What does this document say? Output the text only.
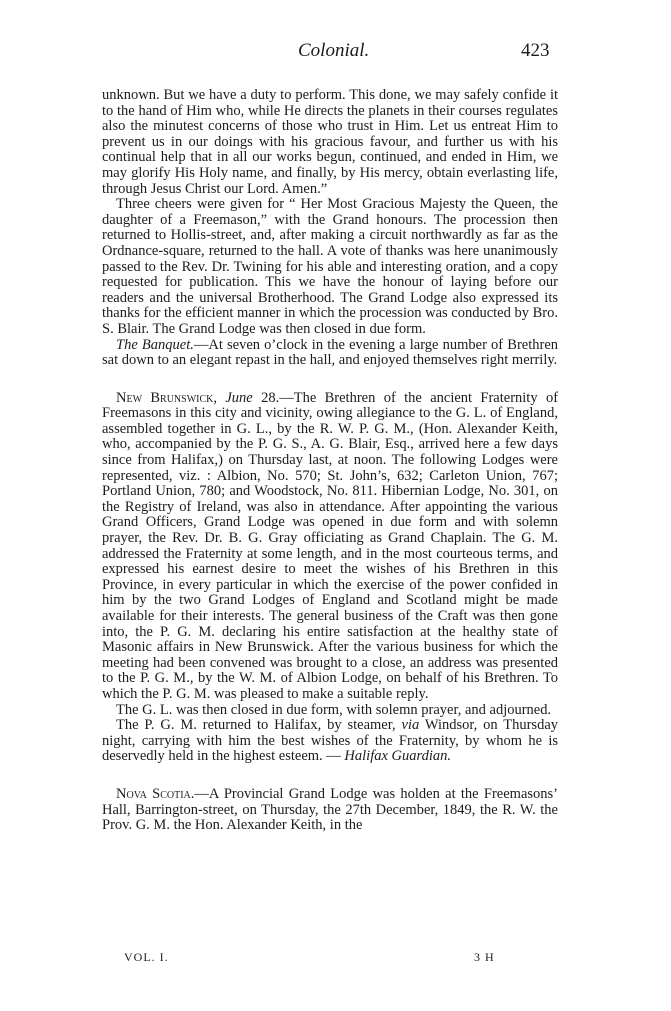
Colonial.	423

unknown. But we have a duty to perform. This done, we may safely confide it to the hand of Him who, while He directs the planets in their courses regulates also the minutest concerns of those who trust in Him. Let us entreat Him to prevent us in our doings with his gracious favour, and further us with his continual help that in all our works begun, continued, and ended in Him, we may glorify His Holy name, and finally, by His mercy, obtain everlasting life, through Jesus Christ our Lord. Amen.”

Three cheers were given for “ Her Most Gracious Majesty the Queen, the daughter of a Freemason,” with the Grand honours. The procession then returned to Hollis-street, and, after making a circuit northwardly as far as the Ordnance-square, returned to the hall. A vote of thanks was here unanimously passed to the Rev. Dr. Twining for his able and interesting oration, and a copy requested for publication. This we have the honour of laying before our readers and the universal Brotherhood. The Grand Lodge also expressed its thanks for the efficient manner in which the procession was conducted by Bro. S. Blair. The Grand Lodge was then closed in due form.

The Banquet.—At seven o’clock in the evening a large number of Brethren sat down to an elegant repast in the hall, and enjoyed themselves right merrily.

New Brunswick, June 28.—The Brethren of the ancient Fraternity of Freemasons in this city and vicinity, owing allegiance to the G. L. of England, assembled together in G. L., by the R. W. P. G. M., (Hon. Alexander Keith, who, accompanied by the P. G. S., A. G. Blair, Esq., arrived here a few days since from Halifax,) on Thursday last, at noon. The following Lodges were represented, viz. : Albion, No. 570; St. John’s, 632; Carleton Union, 767; Portland Union, 780; and Woodstock, No. 811. Hibernian Lodge, No. 301, on the Registry of Ireland, was also in attendance. After appointing the various Grand Officers, Grand Lodge was opened in due form and with solemn prayer, the Rev. Dr. B. G. Gray officiating as Grand Chaplain. The G. M. addressed the Fraternity at some length, and in the most courteous terms, and expressed his earnest desire to meet the wishes of his Brethren in this Province, in every particular in which the exercise of the power confided in him by the two Grand Lodges of England and Scotland might be made available for their interests. The general business of the Craft was then gone into, the P. G. M. declaring his entire satisfaction at the healthy state of Masonic affairs in New Brunswick. After the various business for which the meeting had been convened was brought to a close, an address was presented to the P. G. M., by the W. M. of Albion Lodge, on behalf of his Brethren. To which the P. G. M. was pleased to make a suitable reply.

The G. L. was then closed in due form, with solemn prayer, and adjourned.

The P. G. M. returned to Halifax, by steamer, via Windsor, on Thursday night, carrying with him the best wishes of the Fraternity, by whom he is deservedly held in the highest esteem. — Halifax Guardian.

Nova Scotia.—A Provincial Grand Lodge was holden at the Freemasons’ Hall, Barrington-street, on Thursday, the 27th December, 1849, the R. W. the Prov. G. M. the Hon. Alexander Keith, in the

VOL. I.	3 H
